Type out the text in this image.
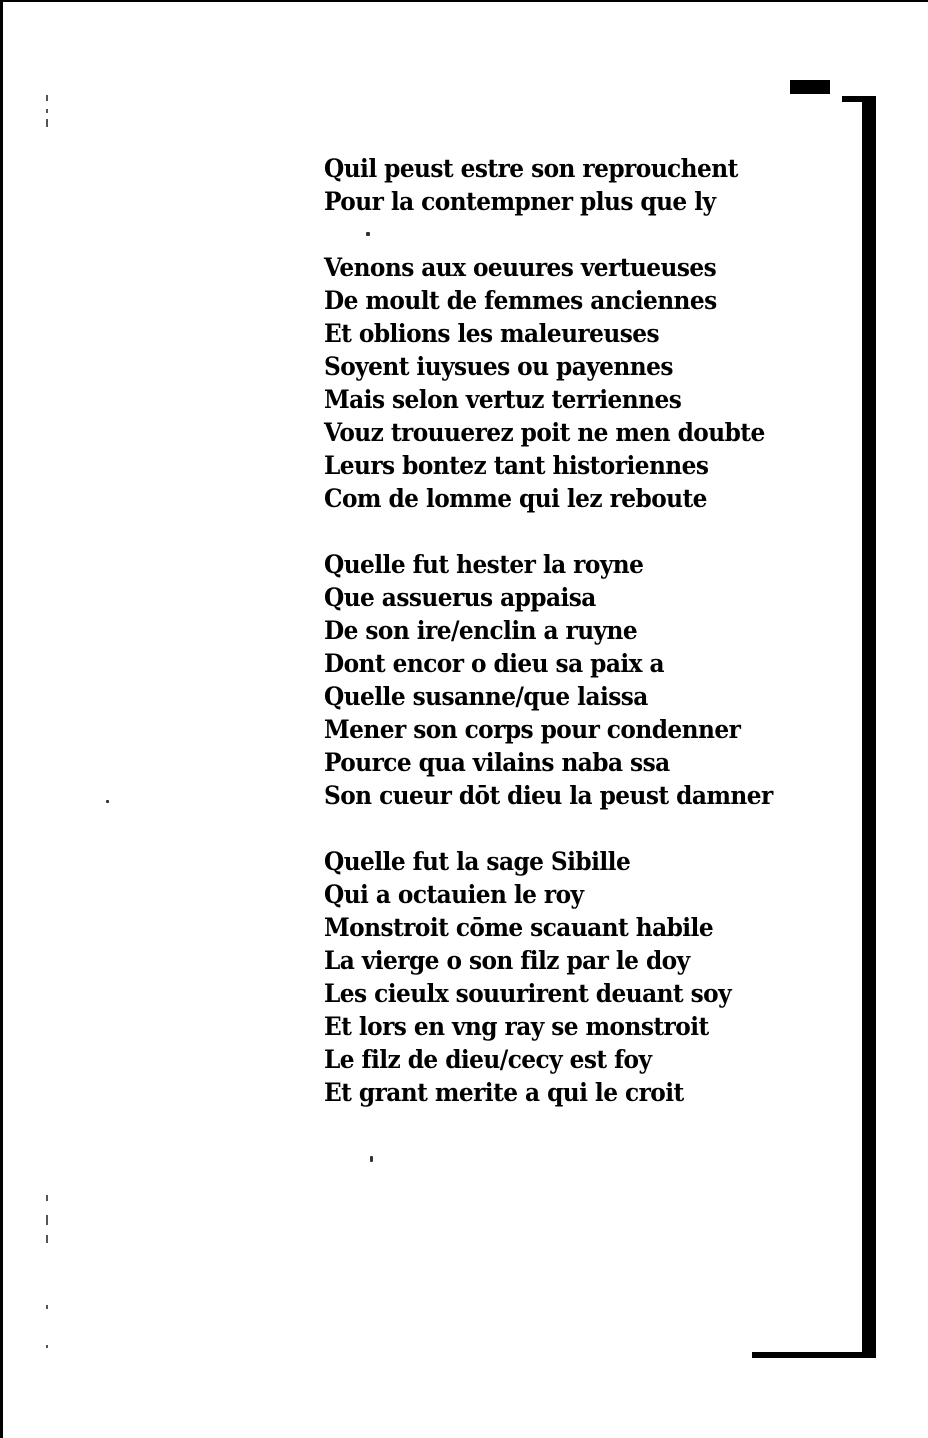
Quil peust estre son reprouchent
Pour la contempner plus que ly
Venons aux oeuures vertueuses
De moult de femmes anciennes
Et oblions les maleureuses
Soyent iuysues ou payennes
Mais selon vertuz terriennes
Vouz trouuerez poit ne men doubte
Leurs bontez tant historiennes
Com de lomme qui lez reboute
Quelle fut hester la royne
Que assuerus appaisa
De son ire/enclin a ruyne
Dont encor o dieu sa paix a
Quelle susanne/que laissa
Mener son corps pour condenner
Pource qua vilains naba ssa
Son cueur dōt dieu la peust damner
Quelle fut la sage Sibille
Qui a octauien le roy
Monstroit cōme scauant habile
La vierge o son filz par le doy
Les cieulx souurirent deuant soy
Et lors en vng ray se monstroit
Le filz de dieu/cecy est foy
Et grant merite a qui le croit
